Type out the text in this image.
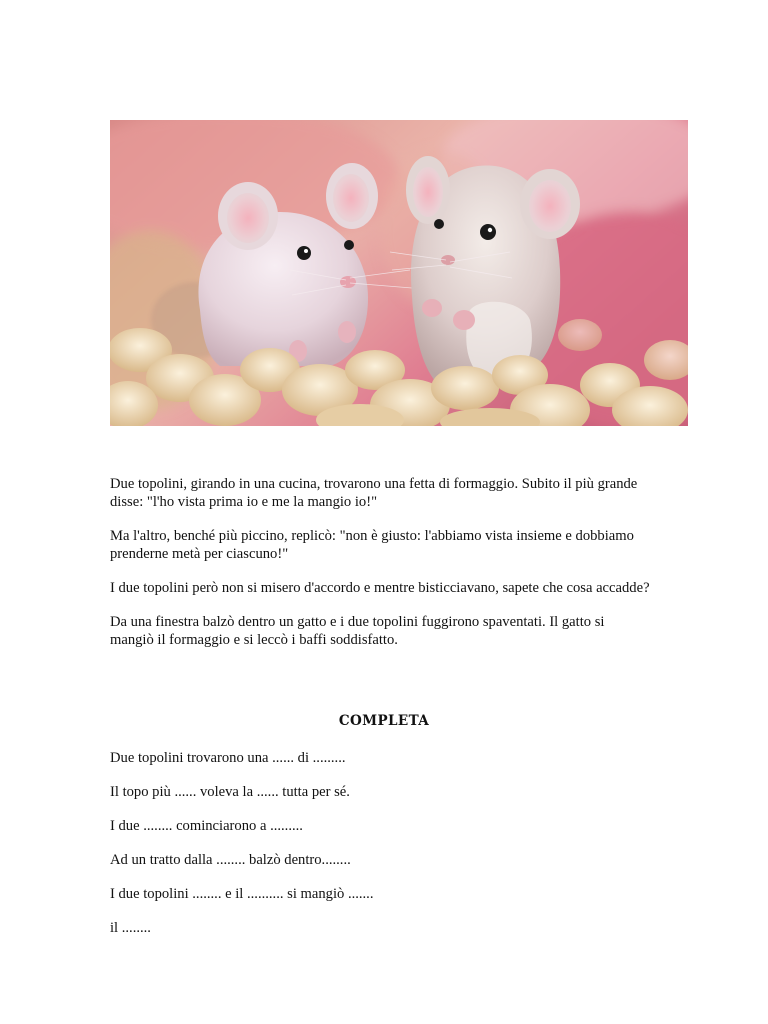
Due topolini, girando in una cucina, trovarono una fetta di formaggio. Subito il più grande disse: "l'ho vista prima io e me la mangio io!"

Ma l'altro, benché più piccino, replicò: "non è giusto: l'abbiamo vista insieme e dobbiamo prenderne metà per ciascuno!"

I due topolini però non si misero d'accordo e mentre bisticciavano, sapete che cosa accadde?

Da una finestra balzò dentro un gatto e i due topolini fuggirono spaventati. Il gatto si mangiò il formaggio e si leccò i baffi soddisfatto.

COMPLETA

Due topolini trovarono una ...... di .........

Il topo più ...... voleva la ...... tutta per sé.

I due ........ cominciarono a .........

Ad un tratto dalla ........ balzò dentro........

I due topolini ........ e il .......... si mangiò .......

il ........
